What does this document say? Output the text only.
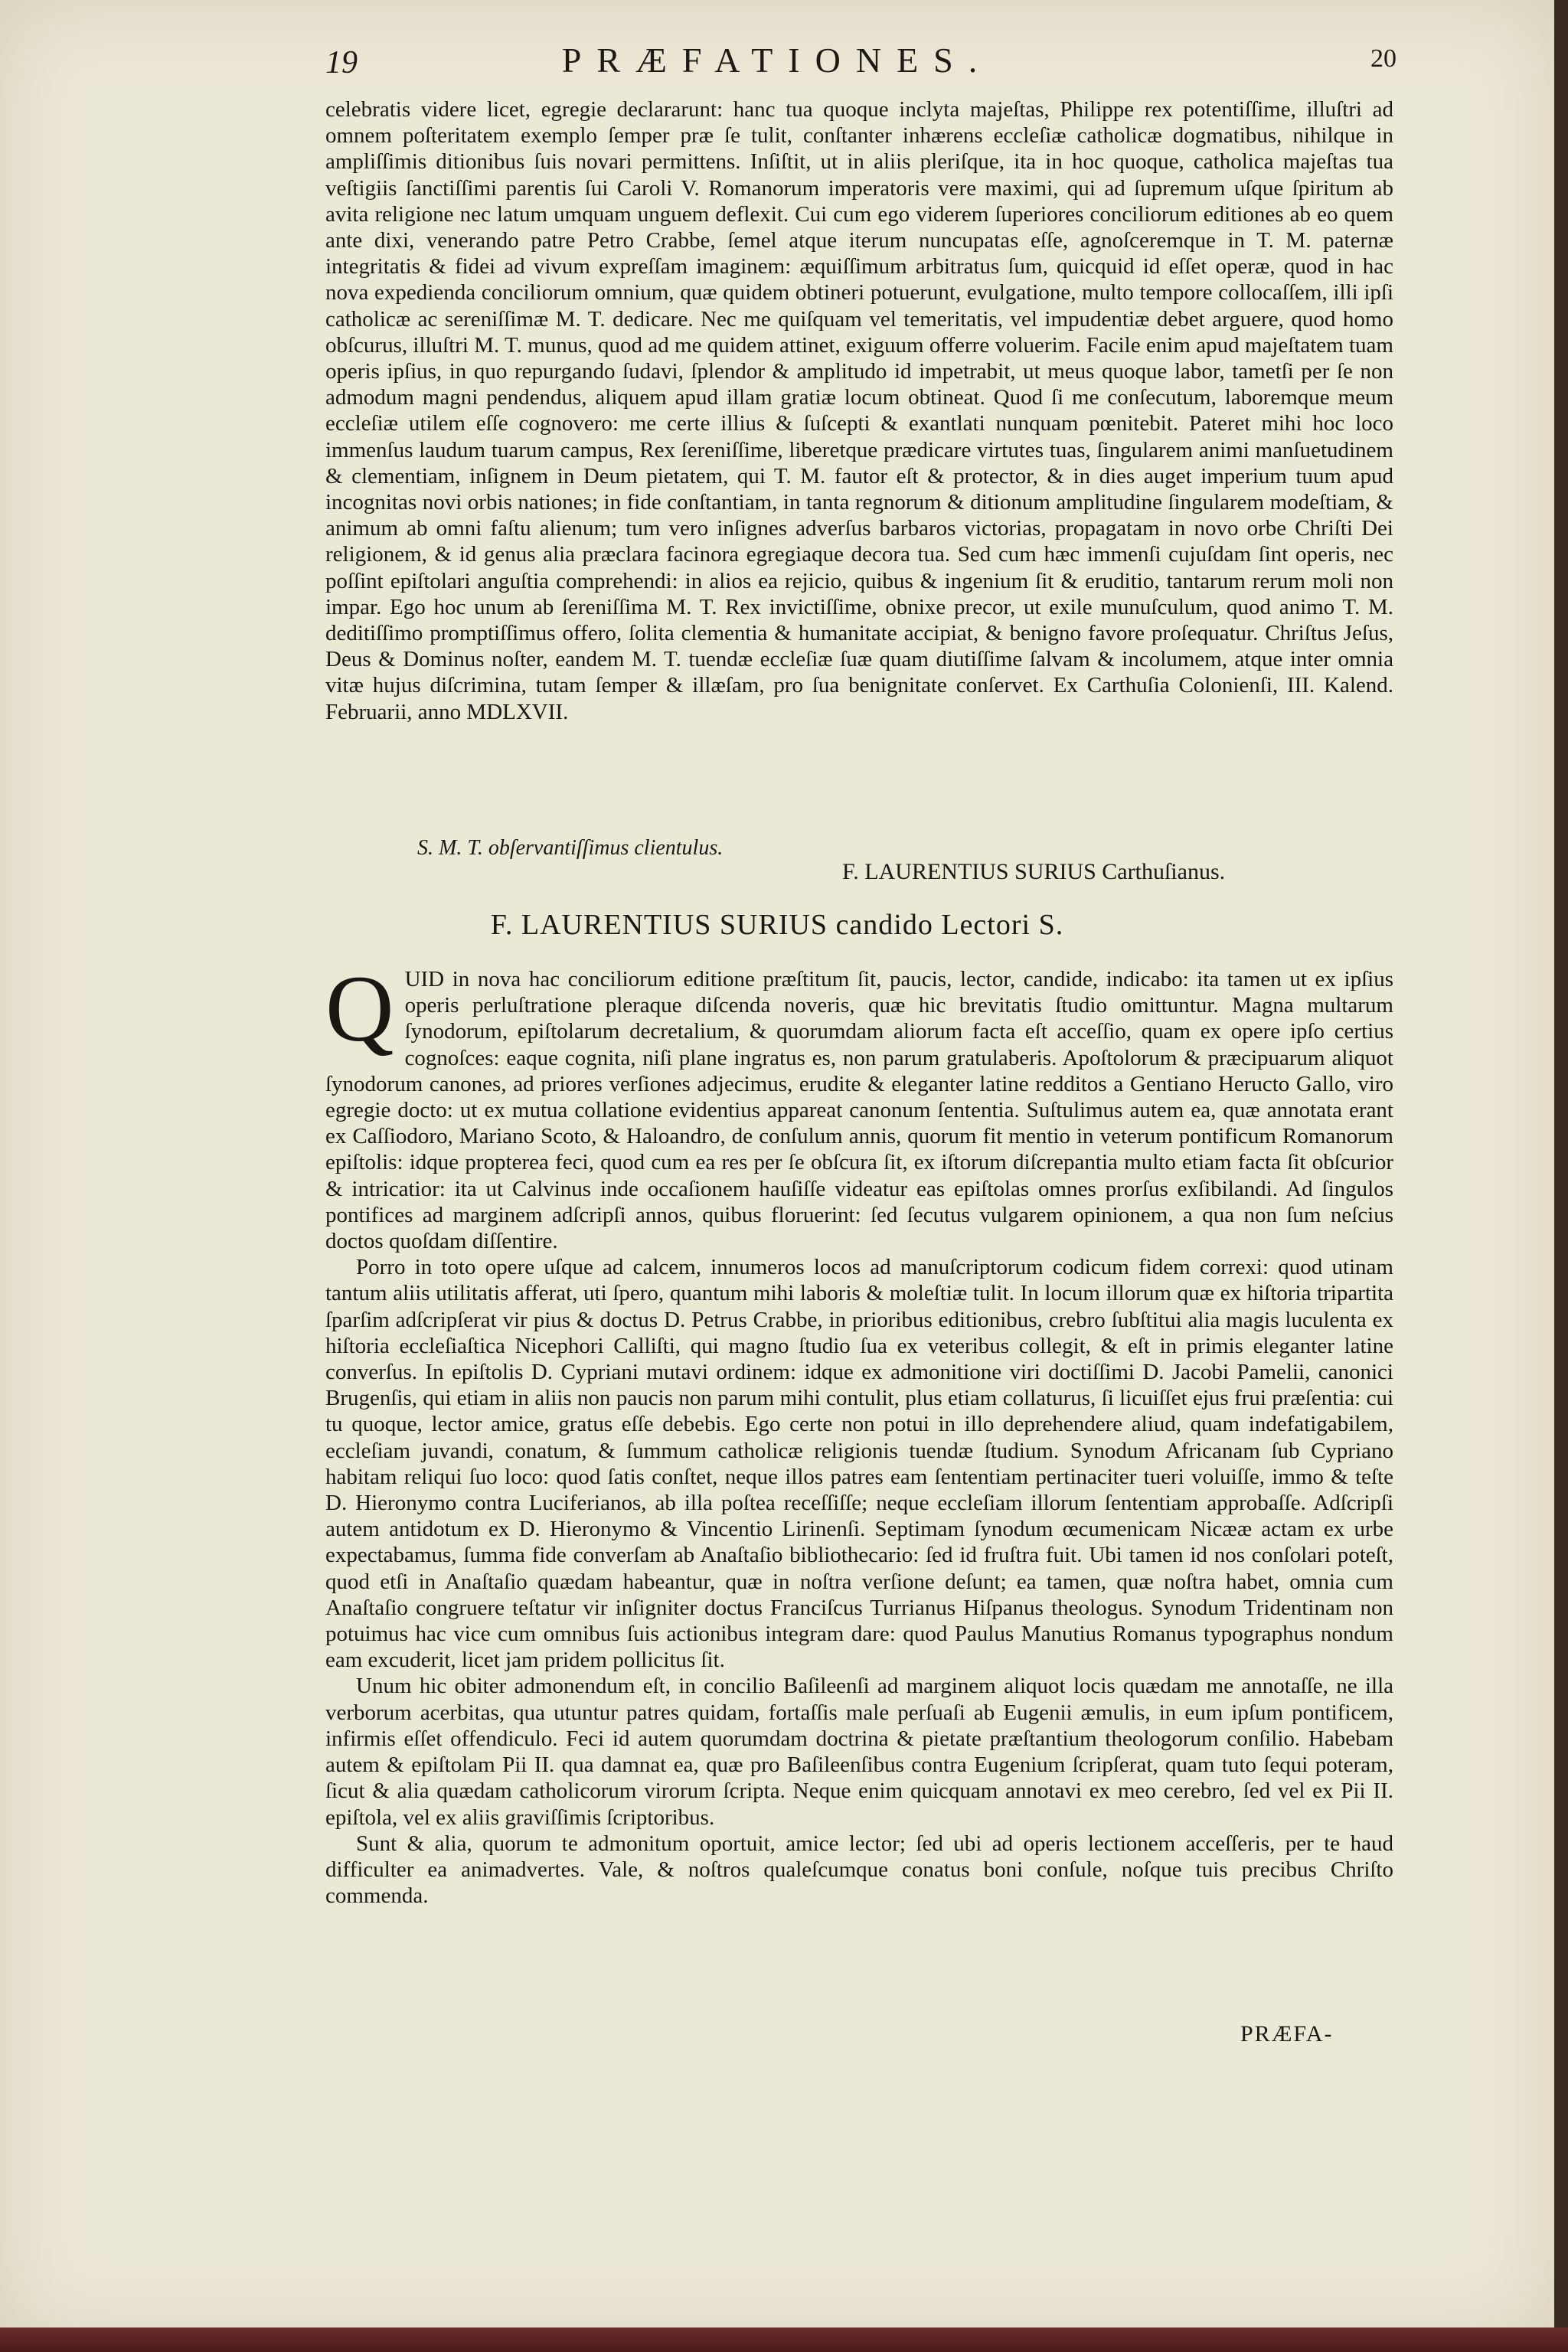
19	PRÆFATIONES.	20

celebratis videre licet, egregie declararunt: hanc tua quoque inclyta majeſtas, Philippe rex potentiſſime, illuſtri ad omnem poſteritatem exemplo ſemper præ ſe tulit, conſtanter inhærens eccleſiæ catholicæ dogmatibus, nihilque in ampliſſimis ditionibus ſuis novari permittens. Inſiſtit, ut in aliis pleriſque, ita in hoc quoque, catholica majeſtas tua veſtigiis ſanctiſſimi parentis ſui Caroli V. Romanorum imperatoris vere maximi, qui ad ſupremum uſque ſpiritum ab avita religione nec latum umquam unguem deflexit. Cui cum ego viderem ſuperiores conciliorum editiones ab eo quem ante dixi, venerando patre Petro Crabbe, ſemel atque iterum nuncupatas eſſe, agnoſceremque in T. M. paternæ integritatis & fidei ad vivum expreſſam imaginem: æquiſſimum arbitratus ſum, quicquid id eſſet operæ, quod in hac nova expedienda conciliorum omnium, quæ quidem obtineri potuerunt, evulgatione, multo tempore collocaſſem, illi ipſi catholicæ ac sereniſſimæ M. T. dedicare. Nec me quiſquam vel temeritatis, vel impudentiæ debet arguere, quod homo obſcurus, illuſtri M. T. munus, quod ad me quidem attinet, exiguum offerre voluerim. Facile enim apud majeſtatem tuam operis ipſius, in quo repurgando ſudavi, ſplendor & amplitudo id impetrabit, ut meus quoque labor, tametſi per ſe non admodum magni pendendus, aliquem apud illam gratiæ locum obtineat. Quod ſi me conſecutum, laboremque meum eccleſiæ utilem eſſe cognovero: me certe illius & ſuſcepti & exantlati nunquam pœnitebit. Pateret mihi hoc loco immenſus laudum tuarum campus, Rex ſereniſſime, liberetque prædicare virtutes tuas, ſingularem animi manſuetudinem & clementiam, inſignem in Deum pietatem, qui T. M. fautor eſt & protector, & in dies auget imperium tuum apud incognitas novi orbis nationes; in fide conſtantiam, in tanta regnorum & ditionum amplitudine ſingularem modeſtiam, & animum ab omni faſtu alienum; tum vero inſignes adverſus barbaros victorias, propagatam in novo orbe Chriſti Dei religionem, & id genus alia præclara facinora egregiaque decora tua. Sed cum hæc immenſi cujuſdam ſint operis, nec poſſint epiſtolari anguſtia comprehendi: in alios ea rejicio, quibus & ingenium ſit & eruditio, tantarum rerum moli non impar. Ego hoc unum ab ſereniſſima M. T. Rex invictiſſime, obnixe precor, ut exile munuſculum, quod animo T. M. deditiſſimo promptiſſimus offero, ſolita clementia & humanitate accipiat, & benigno favore proſequatur. Chriſtus Jeſus, Deus & Dominus noſter, eandem M. T. tuendæ eccleſiæ ſuæ quam diutiſſime ſalvam & incolumem, atque inter omnia vitæ hujus diſcrimina, tutam ſemper & illæſam, pro ſua benignitate conſervet. Ex Carthuſia Colonienſi, III. Kalend. Februarii, anno MDLXVII.

S. M. T. obſervantiſſimus clientulus.
F. LAURENTIUS SURIUS Carthuſianus.
F. LAURENTIUS SURIUS candido Lectori S.

QUID in nova hac conciliorum editione præſtitum ſit, paucis, lector, candide, indicabo: ita tamen ut ex ipſius operis perluſtratione pleraque diſcenda noveris, quæ hic brevitatis ſtudio omittuntur. Magna multarum ſynodorum, epiſtolarum decretalium, & quorumdam aliorum facta eſt acceſſio, quam ex opere ipſo certius cognoſces: eaque cognita, niſi plane ingratus es, non parum gratulaberis. Apoſtolorum & præcipuarum aliquot ſynodorum canones, ad priores verſiones adjecimus, erudite & eleganter latine redditos a Gentiano Heructo Gallo, viro egregie docto: ut ex mutua collatione evidentius appareat canonum ſententia. Suſtulimus autem ea, quæ annotata erant ex Caſſiodoro, Mariano Scoto, & Haloandro, de conſulum annis, quorum fit mentio in veterum pontificum Romanorum epiſtolis: idque propterea feci, quod cum ea res per ſe obſcura ſit, ex iſtorum diſcrepantia multo etiam facta ſit obſcurior & intricatior: ita ut Calvinus inde occaſionem hauſiſſe videatur eas epiſtolas omnes prorſus exſibilandi. Ad ſingulos pontifices ad marginem adſcripſi annos, quibus floruerint: ſed ſecutus vulgarem opinionem, a qua non ſum neſcius doctos quoſdam diſſentire.

Porro in toto opere uſque ad calcem, innumeros locos ad manuſcriptorum codicum fidem correxi: quod utinam tantum aliis utilitatis afferat, uti ſpero, quantum mihi laboris & moleſtiæ tulit. In locum illorum quæ ex hiſtoria tripartita ſparſim adſcripſerat vir pius & doctus D. Petrus Crabbe, in prioribus editionibus, crebro ſubſtitui alia magis luculenta ex hiſtoria eccleſiaſtica Nicephori Calliſti, qui magno ſtudio ſua ex veteribus collegit, & eſt in primis eleganter latine converſus. In epiſtolis D. Cypriani mutavi ordinem: idque ex admonitione viri doctiſſimi D. Jacobi Pamelii, canonici Brugenſis, qui etiam in aliis non paucis non parum mihi contulit, plus etiam collaturus, ſi licuiſſet ejus frui præſentia: cui tu quoque, lector amice, gratus eſſe debebis. Ego certe non potui in illo deprehendere aliud, quam indefatigabilem, eccleſiam juvandi, conatum, & ſummum catholicæ religionis tuendæ ſtudium. Synodum Africanam ſub Cypriano habitam reliqui ſuo loco: quod ſatis conſtet, neque illos patres eam ſententiam pertinaciter tueri voluiſſe, immo & teſte D. Hieronymo contra Luciferianos, ab illa poſtea receſſiſſe; neque eccleſiam illorum ſententiam approbaſſe. Adſcripſi autem antidotum ex D. Hieronymo & Vincentio Lirinenſi. Septimam ſynodum œcumenicam Nicææ actam ex urbe expectabamus, ſumma fide converſam ab Anaſtaſio bibliothecario: ſed id fruſtra fuit. Ubi tamen id nos conſolari poteſt, quod etſi in Anaſtaſio quædam habeantur, quæ in noſtra verſione deſunt; ea tamen, quæ noſtra habet, omnia cum Anaſtaſio congruere teſtatur vir inſigniter doctus Franciſcus Turrianus Hiſpanus theologus. Synodum Tridentinam non potuimus hac vice cum omnibus ſuis actionibus integram dare: quod Paulus Manutius Romanus typographus nondum eam excuderit, licet jam pridem pollicitus ſit.

Unum hic obiter admonendum eſt, in concilio Baſileenſi ad marginem aliquot locis quædam me annotaſſe, ne illa verborum acerbitas, qua utuntur patres quidam, fortaſſis male perſuaſi ab Eugenii æmulis, in eum ipſum pontificem, infirmis eſſet offendiculo. Feci id autem quorumdam doctrina & pietate præſtantium theologorum conſilio. Habebam autem & epiſtolam Pii II. qua damnat ea, quæ pro Baſileenſibus contra Eugenium ſcripſerat, quam tuto ſequi poteram, ſicut & alia quædam catholicorum virorum ſcripta. Neque enim quicquam annotavi ex meo cerebro, ſed vel ex Pii II. epiſtola, vel ex aliis graviſſimis ſcriptoribus.

Sunt & alia, quorum te admonitum oportuit, amice lector; ſed ubi ad operis lectionem acceſſeris, per te haud difficulter ea animadvertes. Vale, & noſtros qualeſcumque conatus boni conſule, noſque tuis precibus Chriſto commenda.

PRÆFA-
